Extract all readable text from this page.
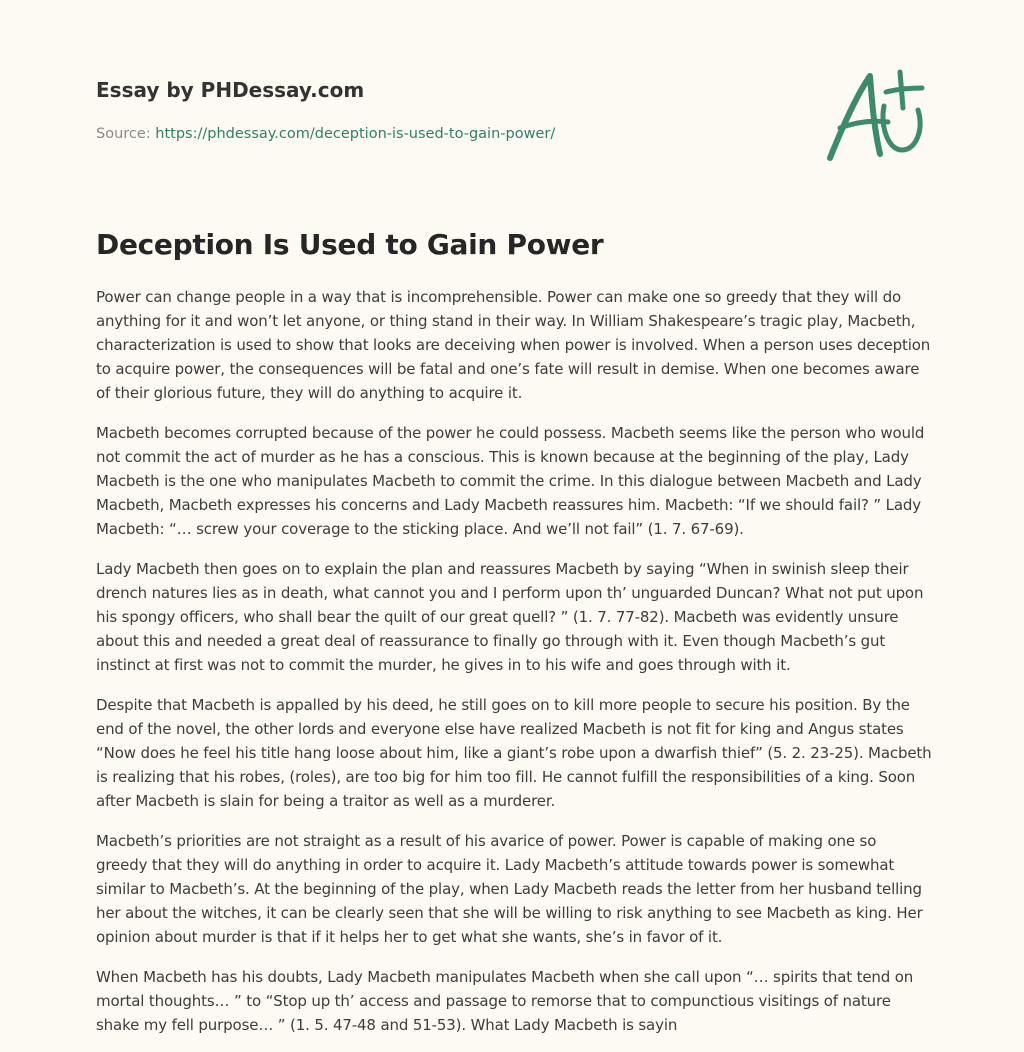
Essay by PHDessay.com
Source: https://phdessay.com/deception-is-used-to-gain-power/
Deception Is Used to Gain Power

Power can change people in a way that is incomprehensible. Power can make one so greedy that they will do anything for it and won’t let anyone, or thing stand in their way. In William Shakespeare’s tragic play, Macbeth, characterization is used to show that looks are deceiving when power is involved. When a person uses deception to acquire power, the consequences will be fatal and one’s fate will result in demise. When one becomes aware of their glorious future, they will do anything to acquire it.

Macbeth becomes corrupted because of the power he could possess. Macbeth seems like the person who would not commit the act of murder as he has a conscious. This is known because at the beginning of the play, Lady Macbeth is the one who manipulates Macbeth to commit the crime. In this dialogue between Macbeth and Lady Macbeth, Macbeth expresses his concerns and Lady Macbeth reassures him. Macbeth: “If we should fail? ” Lady Macbeth: “… screw your coverage to the sticking place. And we’ll not fail” (1. 7. 67-69).

Lady Macbeth then goes on to explain the plan and reassures Macbeth by saying “When in swinish sleep their drench natures lies as in death, what cannot you and I perform upon th’ unguarded Duncan? What not put upon his spongy officers, who shall bear the quilt of our great quell? ” (1. 7. 77-82). Macbeth was evidently unsure about this and needed a great deal of reassurance to finally go through with it. Even though Macbeth’s gut instinct at first was not to commit the murder, he gives in to his wife and goes through with it.

Despite that Macbeth is appalled by his deed, he still goes on to kill more people to secure his position. By the end of the novel, the other lords and everyone else have realized Macbeth is not fit for king and Angus states “Now does he feel his title hang loose about him, like a giant’s robe upon a dwarfish thief” (5. 2. 23-25). Macbeth is realizing that his robes, (roles), are too big for him too fill. He cannot fulfill the responsibilities of a king. Soon after Macbeth is slain for being a traitor as well as a murderer.

Macbeth’s priorities are not straight as a result of his avarice of power. Power is capable of making one so greedy that they will do anything in order to acquire it. Lady Macbeth’s attitude towards power is somewhat similar to Macbeth’s. At the beginning of the play, when Lady Macbeth reads the letter from her husband telling her about the witches, it can be clearly seen that she will be willing to risk anything to see Macbeth as king. Her opinion about murder is that if it helps her to get what she wants, she’s in favor of it.

When Macbeth has his doubts, Lady Macbeth manipulates Macbeth when she call upon “… spirits that tend on mortal thoughts… ” to “Stop up th’ access and passage to remorse that to compunctious visitings of nature shake my fell purpose… ” (1. 5. 47-48 and 51-53). What Lady Macbeth is sayin
